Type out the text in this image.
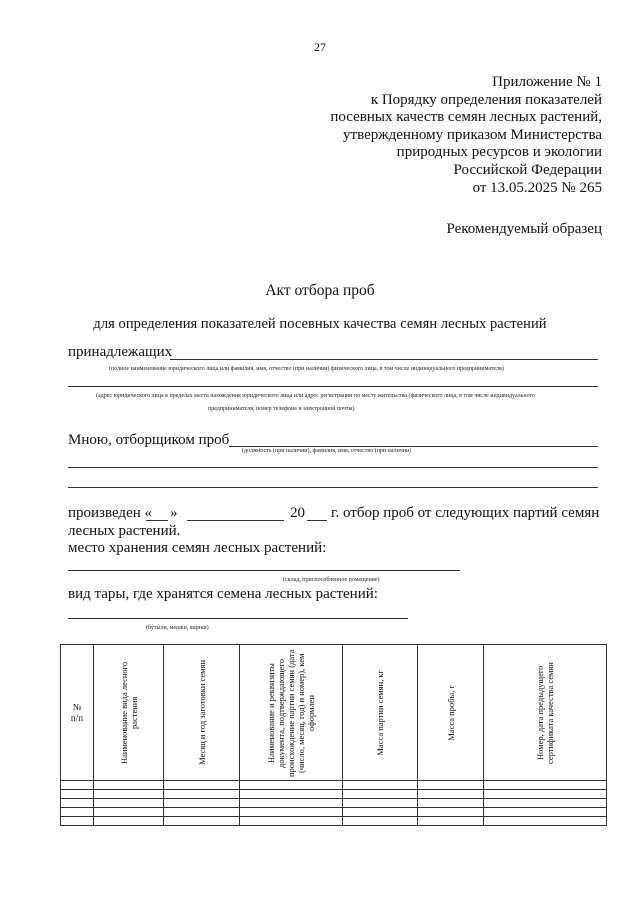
27
Приложение № 1
к Порядку определения показателей
посевных качеств семян лесных растений,
утвержденному приказом Министерства
природных ресурсов и экологии
Российской Федерации
от 13.05.2025 № 265
Рекомендуемый образец
Акт отбора проб
для определения показателей посевных качества семян лесных растений
принадлежащих
(полное наименование юридического лица или фамилия, имя, отчество (при наличии) физического лица, в том числе индивидуального предпринимателя)
(адрес юридического лица в пределах места нахождения юридического лица или адрес регистрации по месту жительства (физического лица, в том числе индивидуального
предпринимателя, номер телефона и электронной почты)
Мною, отборщиком проб
(должность (при наличии), фамилия, имя, отчество (при наличии)
произведен « »	20 г. отбор проб от следующих партий семян
лесных растений.
место хранения семян лесных растений:
(склад, приспособленное помещение)
вид тары, где хранятся семена лесных растений:
(бутыли, мешки, ящики)
№
п/п	Наименование вида лесного растения	Месяц и год заготовки семян	Наименование и реквизиты документа, подтверждающего происхождение партии семян (дата (число, месяц, год) и номер), кем оформлен	Масса партии семян, кг	Масса пробы, г	Номер, дата предыдущего сертификата качества семян
